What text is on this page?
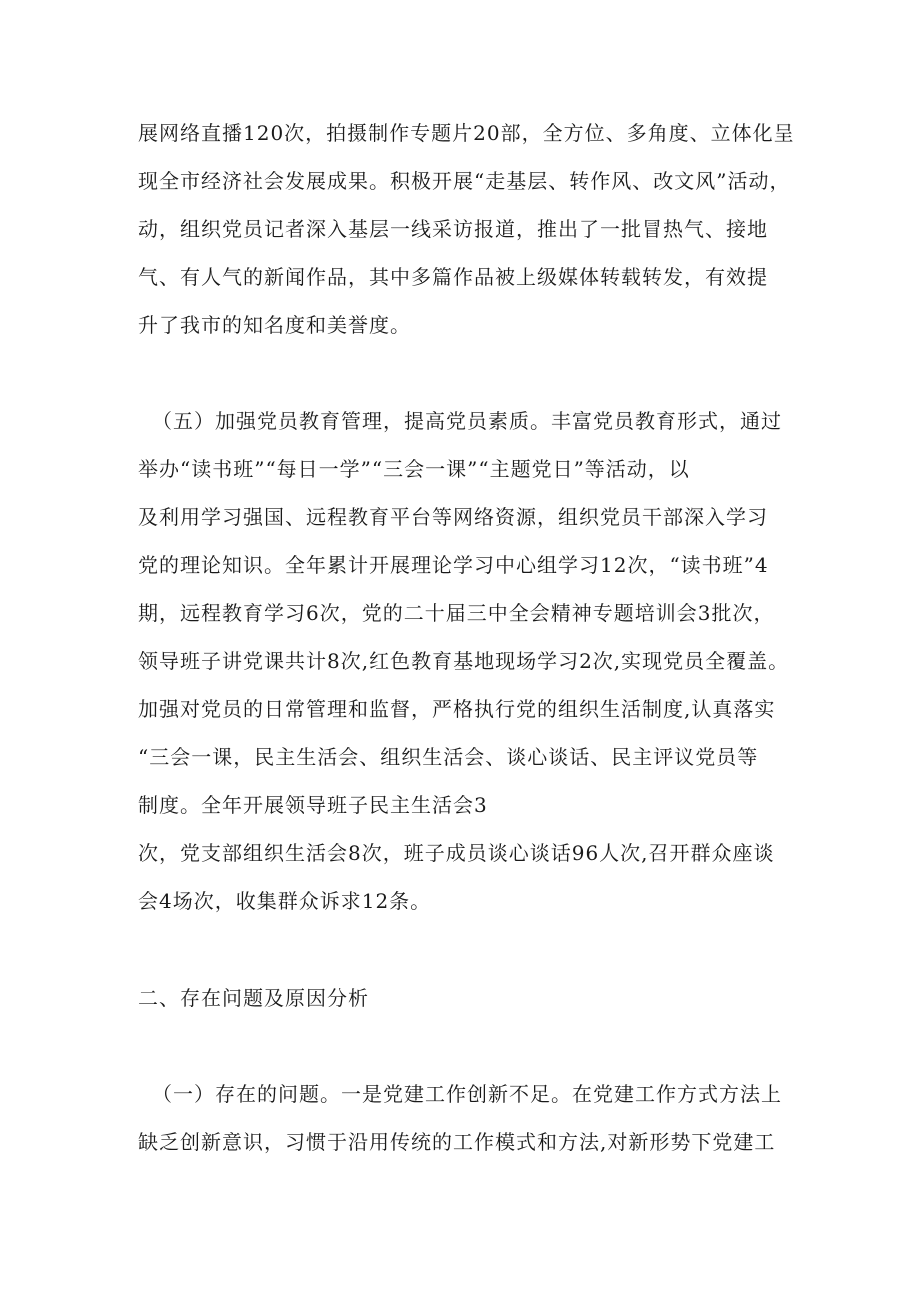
展网络直播120次，拍摄制作专题片20部，全方位、多角度、立体化呈
现全市经济社会发展成果。积极开展“走基层、转作风、改文风”活动，
动，组织党员记者深入基层一线采访报道，推出了一批冒热气、接地
气、有人气的新闻作品，其中多篇作品被上级媒体转载转发，有效提
升了我市的知名度和美誉度。
（五）加强党员教育管理，提高党员素质。丰富党员教育形式，通过
举办“读书班”“每日一学”“三会一课”“主题党日”等活动，以
及利用学习强国、远程教育平台等网络资源，组织党员干部深入学习
党的理论知识。全年累计开展理论学习中心组学习12次，“读书班”4
期，远程教育学习6次，党的二十届三中全会精神专题培训会3批次，
领导班子讲党课共计8次,红色教育基地现场学习2次,实现党员全覆盖。
加强对党员的日常管理和监督，严格执行党的组织生活制度,认真落实
“三会一课，民主生活会、组织生活会、谈心谈话、民主评议党员等
制度。全年开展领导班子民主生活会3
次，党支部组织生活会8次，班子成员谈心谈话96人次,召开群众座谈
会4场次，收集群众诉求12条。
二、存在问题及原因分析
（一）存在的问题。一是党建工作创新不足。在党建工作方式方法上
缺乏创新意识，习惯于沿用传统的工作模式和方法,对新形势下党建工
